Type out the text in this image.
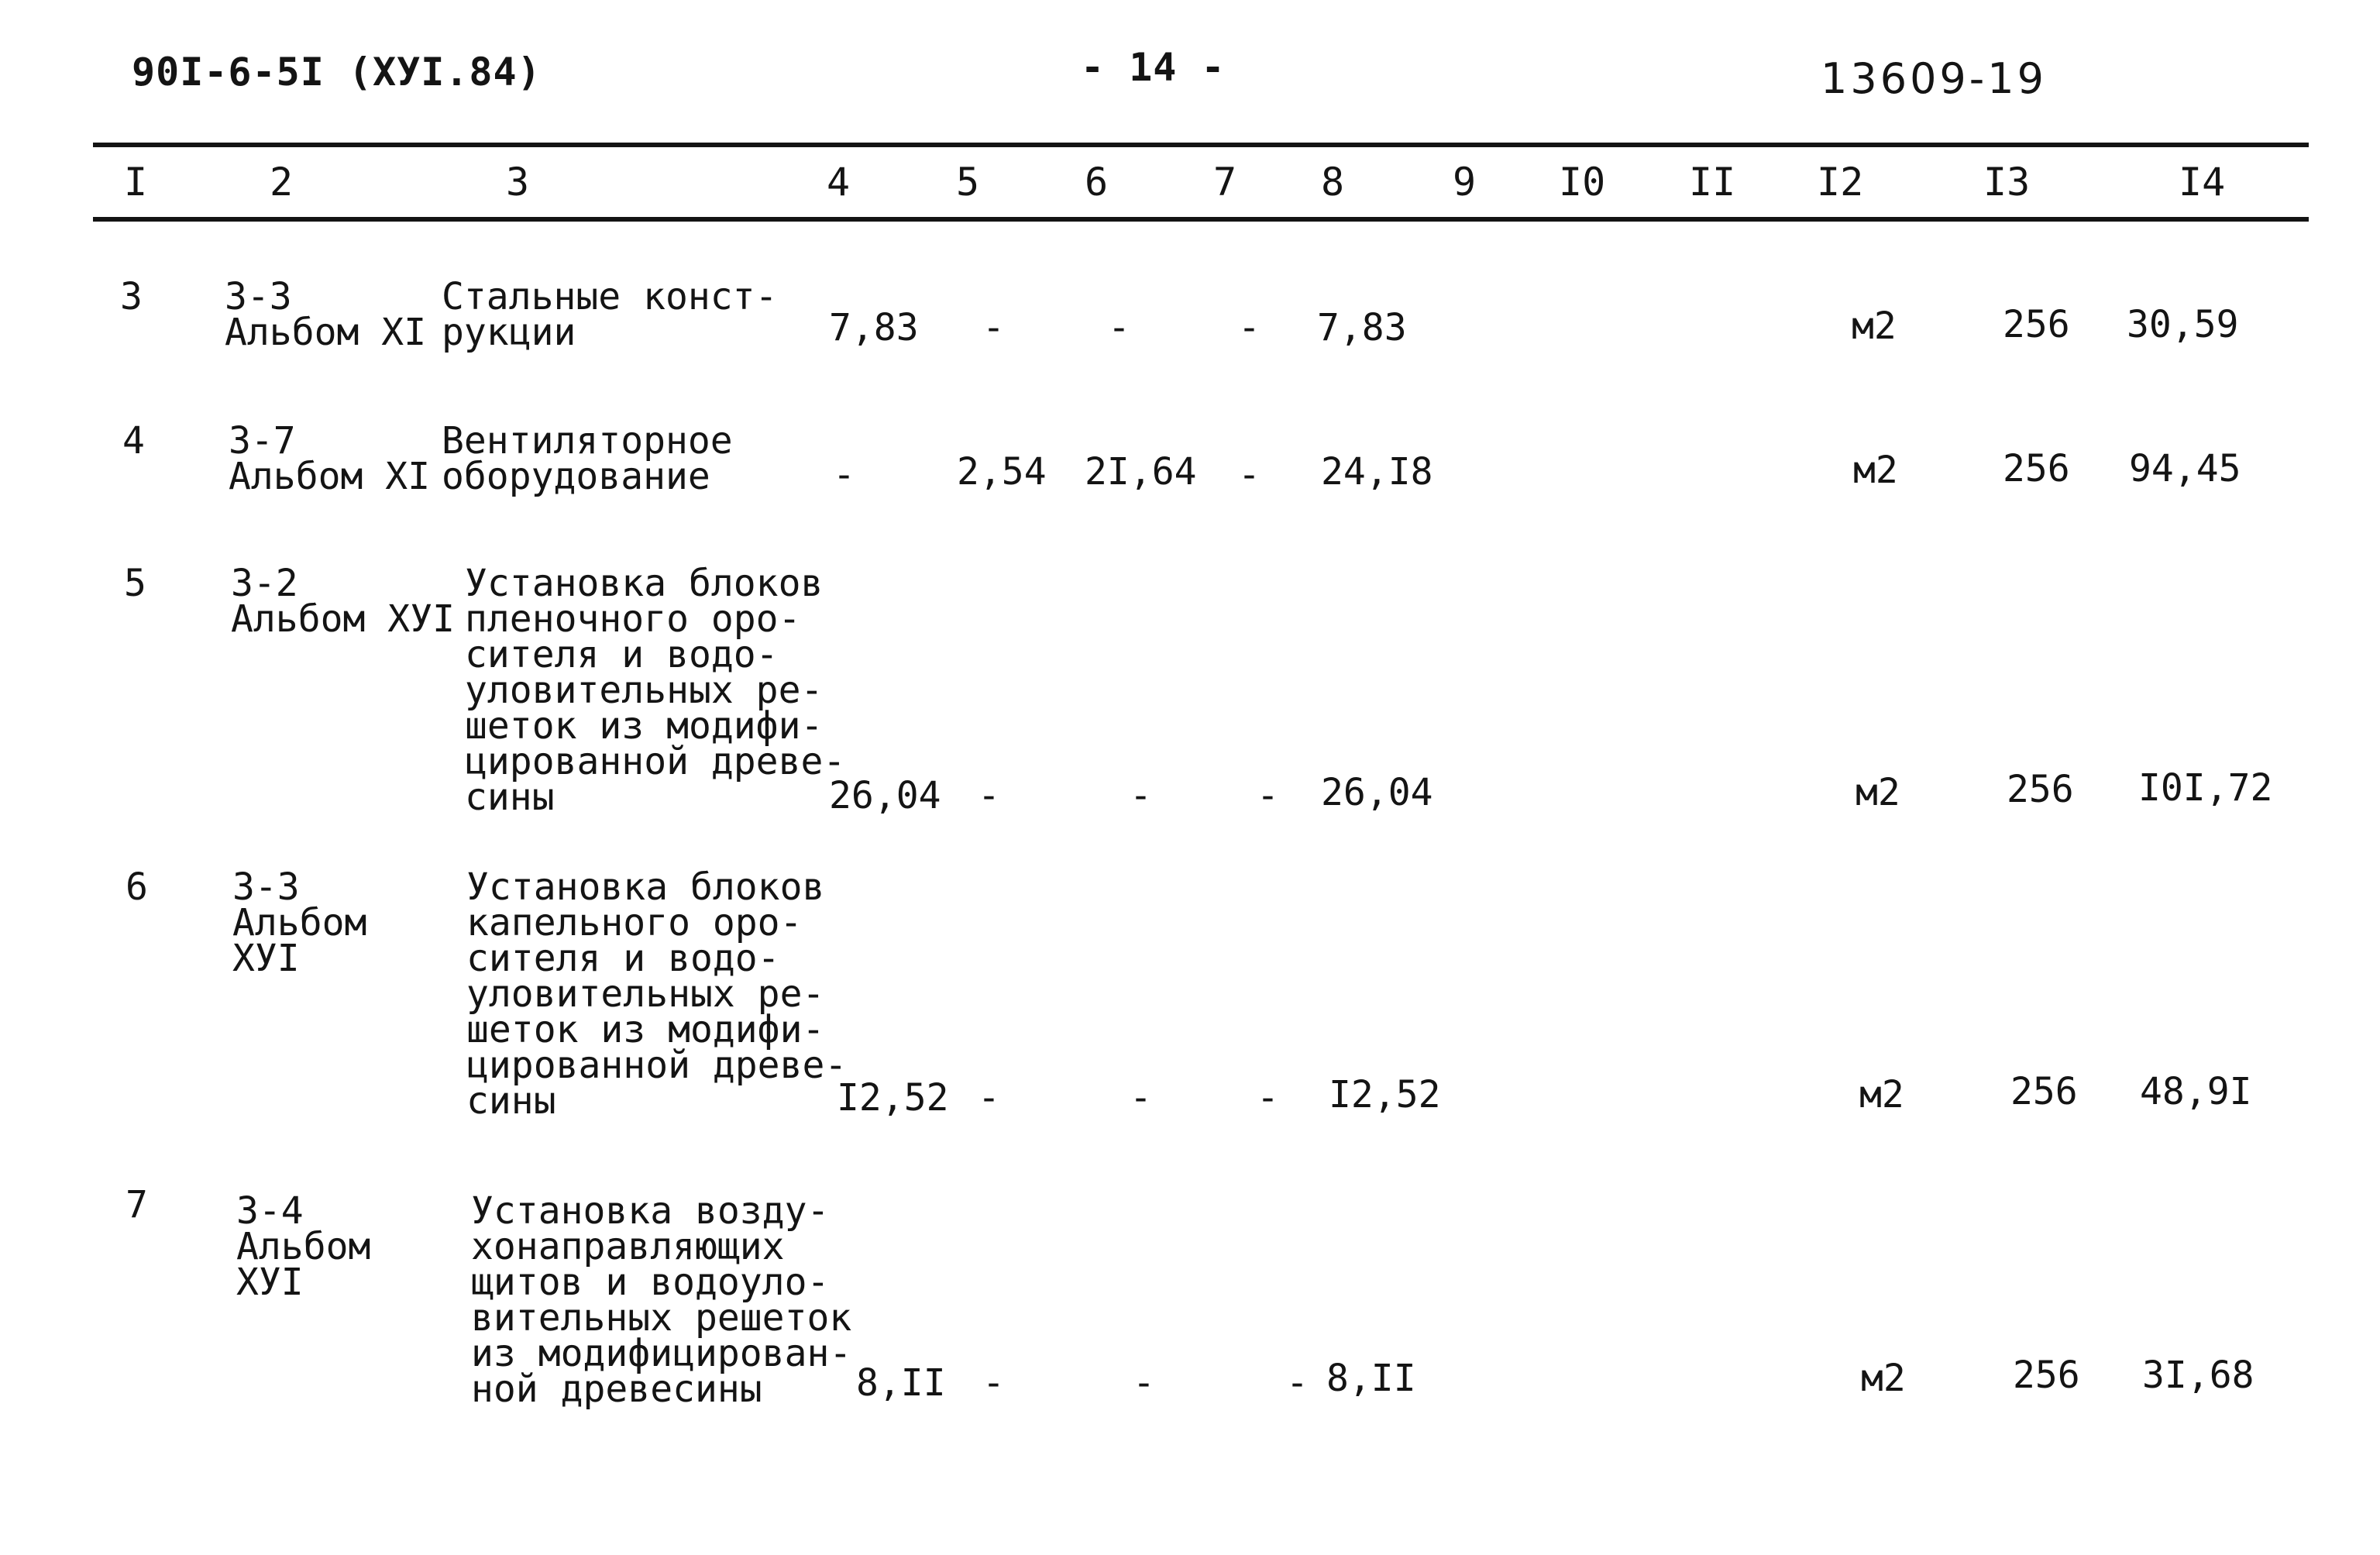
90I-6-5I (XУI.84)	- 14 -	13609-19
I	2	3	4	5	6	7 8	9 I0 II I2	I3	I4
3 3-3
Альбом XI
Стальные конст-
рукции	7,83 -	-	- 7,83	м2	256 30,59
4 3-7
Альбом XI
Вентиляторное
оборудование	-	2,54 2I,64 - 24,I8	м2	256 94,45
5 3-2
Альбом XУI
Установка блоков
пленочного оро-
сителя и водо-
уловительных ре-
шеток из модифи-
цированной древе-
сины	26,04 -	-	- 26,04	м2	256 I0I,72
6 3-3
Альбом
XУI
Установка блоков
капельного оро-
сителя и водо-
уловительных ре-
шеток из модифи-
цированной древе-
сины	I2,52 -	-	- I2,52	м2	256 48,9I
7 3-4
Альбом
XУI
Установка возду-
хонаправляющих
щитов и водоуло-
вительных решеток
из модифицирован-
ной древесины	8,II -	-	- 8,II	м2	256 3I,68
